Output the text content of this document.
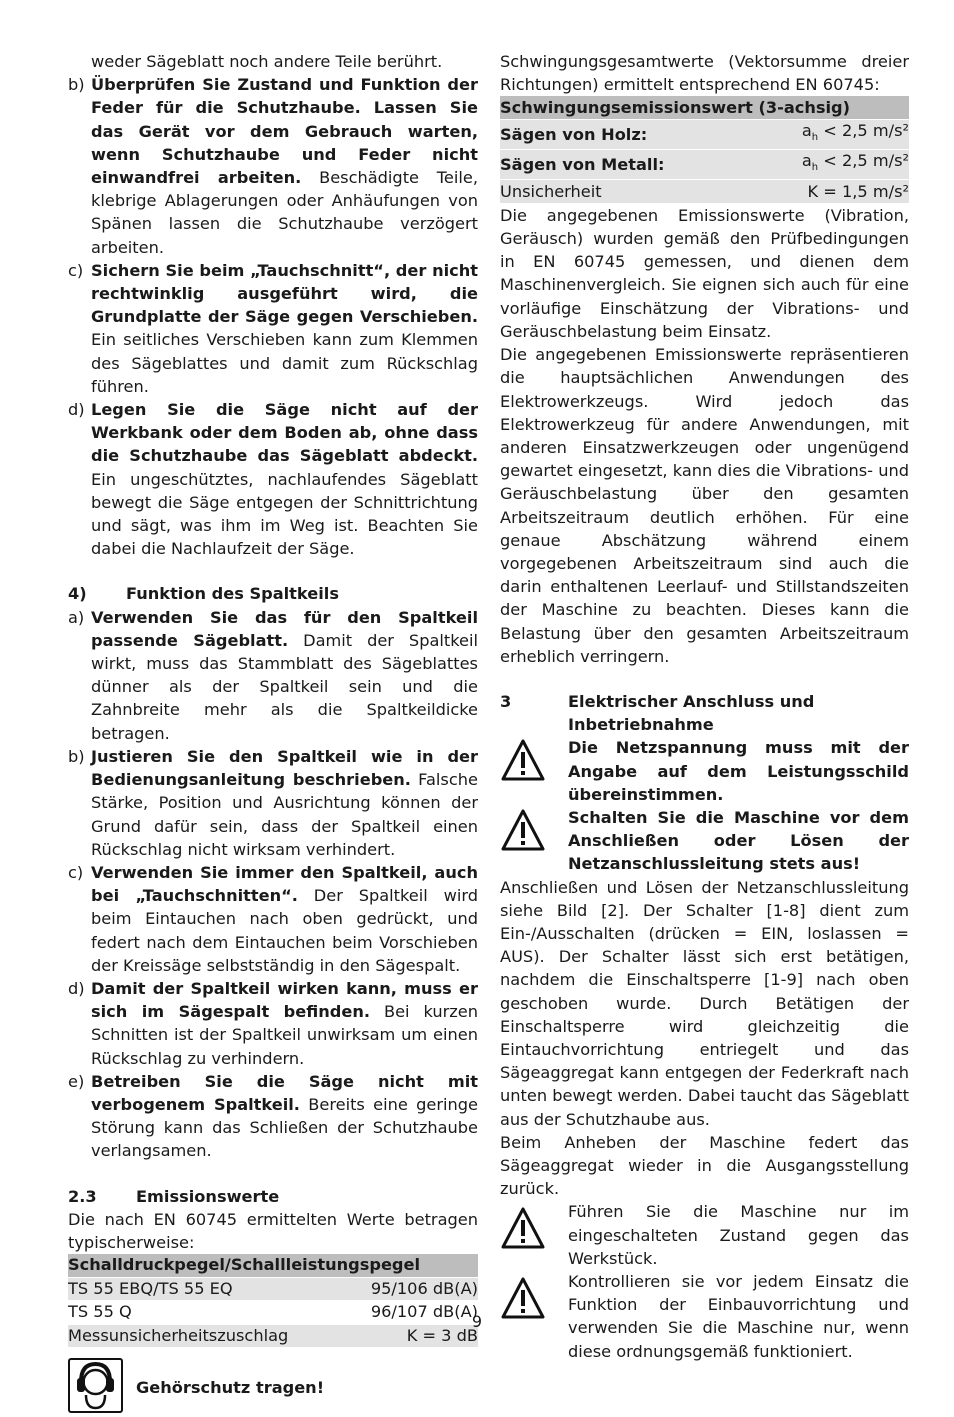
weder Sägeblatt noch andere Teile berührt.

b) Überprüfen Sie Zustand und Funktion der Feder für die Schutzhaube. Lassen Sie das Gerät vor dem Gebrauch warten, wenn Schutzhaube und Feder nicht einwandfrei arbeiten. Beschädigte Teile, klebrige Ablagerungen oder Anhäufungen von Spänen lassen die Schutzhaube verzögert arbeiten.

c) Sichern Sie beim „Tauchschnitt“, der nicht rechtwinklig ausgeführt wird, die Grundplatte der Säge gegen Verschieben. Ein seitliches Verschieben kann zum Klemmen des Sägeblattes und damit zum Rückschlag führen.

d) Legen Sie die Säge nicht auf der Werkbank oder dem Boden ab, ohne dass die Schutzhaube das Sägeblatt abdeckt. Ein ungeschütztes, nachlaufendes Sägeblatt bewegt die Säge entgegen der Schnittrichtung und sägt, was ihm im Weg ist. Beachten Sie dabei die Nachlaufzeit der Säge.

4)	Funktion des Spaltkeils
a) Verwenden Sie das für den Spaltkeil passende Sägeblatt. Damit der Spaltkeil wirkt, muss das Stammblatt des Sägeblattes dünner als der Spaltkeil sein und die Zahnbreite mehr als die Spaltkeildicke betragen.

b) Justieren Sie den Spaltkeil wie in der Bedienungsanleitung beschrieben. Falsche Stärke, Position und Ausrichtung können der Grund dafür sein, dass der Spaltkeil einen Rückschlag nicht wirksam verhindert.

c) Verwenden Sie immer den Spaltkeil, auch bei „Tauchschnitten“. Der Spaltkeil wird beim Eintauchen nach oben gedrückt, und federt nach dem Eintauchen beim Vorschieben der Kreissäge selbstständig in den Sägespalt.

d) Damit der Spaltkeil wirken kann, muss er sich im Sägespalt befinden. Bei kurzen Schnitten ist der Spaltkeil unwirksam um einen Rückschlag zu verhindern.

e) Betreiben Sie die Säge nicht mit verbogenem Spaltkeil. Bereits eine geringe Störung kann das Schließen der Schutzhaube verlangsamen.

2.3	Emissionswerte

Die nach EN 60745 ermittelten Werte betragen typischerweise:

Schalldruckpegel/Schallleistungspegel	
TS 55 EBQ/TS 55 EQ	95/106 dB(A)
TS 55 Q	96/107 dB(A)
Messunsicherheitszuschlag	K = 3 dB

Gehörschutz tragen!

Schwingungsgesamtwerte (Vektorsumme dreier Richtungen) ermittelt entsprechend EN 60745:

Schwingungsemissionswert (3-achsig)	
Sägen von Holz:	$a_h < 2,5$ m/s²
Sägen von Metall:	$a_h < 2,5$ m/s²
Unsicherheit	K = 1,5 m/s²

Die angegebenen Emissionswerte (Vibration, Geräusch) wurden gemäß den Prüfbedingungen in EN 60745 gemessen, und dienen dem Maschinenvergleich. Sie eignen sich auch für eine vorläufige Einschätzung der Vibrations- und Geräuschbelastung beim Einsatz.

Die angegebenen Emissionswerte repräsentieren die hauptsächlichen Anwendungen des Elektrowerkzeugs. Wird jedoch das Elektrowerkzeug für andere Anwendungen, mit anderen Einsatzwerkzeugen oder ungenügend gewartet eingesetzt, kann dies die Vibrations- und Geräuschbelastung über den gesamten Arbeitszeitraum deutlich erhöhen. Für eine genaue Abschätzung während einem vorgegebenen Arbeitszeitraum sind auch die darin enthaltenen Leerlauf- und Stillstandszeiten der Maschine zu beachten. Dieses kann die Belastung über den gesamten Arbeitszeitraum erheblich verringern.

3	Elektrischer Anschluss und Inbetriebnahme

Die Netzspannung muss mit der Angabe auf dem Leistungsschild übereinstimmen.

Schalten Sie die Maschine vor dem Anschließen oder Lösen der Netzanschlussleitung stets aus!

Anschließen und Lösen der Netzanschlussleitung siehe Bild [2]. Der Schalter [1-8] dient zum Ein-/Ausschalten (drücken = EIN, loslassen = AUS). Der Schalter lässt sich erst betätigen, nachdem die Einschaltsperre [1-9] nach oben geschoben wurde. Durch Betätigen der Einschaltsperre wird gleichzeitig die Eintauchvorrichtung entriegelt und das Sägeaggregat kann entgegen der Federkraft nach unten bewegt werden. Dabei taucht das Sägeblatt aus der Schutzhaube aus.

Beim Anheben der Maschine federt das Sägeaggregat wieder in die Ausgangsstellung zurück.

Führen Sie die Maschine nur im eingeschalteten Zustand gegen das Werkstück.

Kontrollieren sie vor jedem Einsatz die Funktion der Einbauvorrichtung und verwenden Sie die Maschine nur, wenn diese ordnungsgemäß funktioniert.

9
